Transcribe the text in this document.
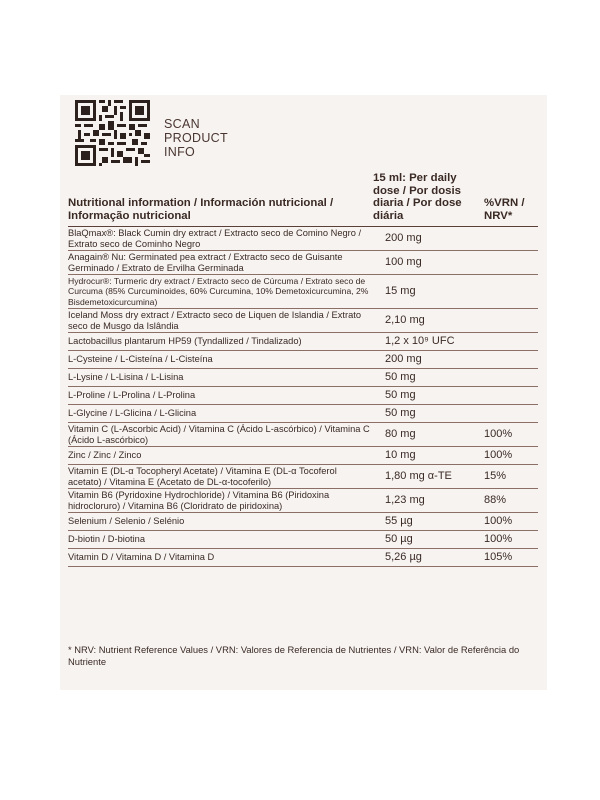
SCAN
PRODUCT
INFO
Nutritional information / Información nutricional / Informação nutricional	15 ml: Per daily dose / Por dosis diaria / Por dose diária	%VRN / NRV*
BlaQmax®: Black Cumin dry extract / Extracto seco de Comino Negro / Extrato seco de Cominho Negro	200 mg	
Anagain® Nu: Germinated pea extract / Extracto seco de Guisante Germinado / Extrato de Ervilha Germinada	100 mg	
Hydrocur®: Turmeric dry extract / Extracto seco de Cúrcuma / Extrato seco de Curcuma (85% Curcuminoides, 60% Curcumina, 10% Demetoxicurcumina, 2% Bisdemetoxicurcumina)	15 mg	
Iceland Moss dry extract / Extracto seco de Liquen de Islandia / Extrato seco de Musgo da Islândia	2,10 mg	
Lactobacillus plantarum HP59 (Tyndallized / Tindalizado)	1,2 x 10⁹ UFC	
L-Cysteine / L-Cisteína / L-Cisteína	200 mg	
L-Lysine / L-Lisina / L-Lisina	50 mg	
L-Proline / L-Prolina / L-Prolina	50 mg	
L-Glycine / L-Glicina / L-Glicina	50 mg	
Vitamin C (L-Ascorbic Acid) / Vitamina C (Ácido L-ascórbico) / Vitamina C (Ácido L-ascórbico)	80 mg	100%
Zinc / Zinc / Zinco	10 mg	100%
Vitamin E (DL-α Tocopheryl Acetate) / Vitamina E (DL-α Tocoferol acetato) / Vitamina E (Acetato de DL-α-tocoferilo)	1,80 mg α-TE	15%
Vitamin B6 (Pyridoxine Hydrochloride) / Vitamina B6 (Piridoxina hidrocloruro) / Vitamina B6 (Cloridrato de piridoxina)	1,23 mg	88%
Selenium / Selenio / Selénio	55 µg	100%
D-biotin / D-biotina	50 µg	100%
Vitamin D / Vitamina D / Vitamina D	5,26 µg	105%
* NRV: Nutrient Reference Values / VRN: Valores de Referencia de Nutrientes / VRN: Valor de Referência do Nutriente
